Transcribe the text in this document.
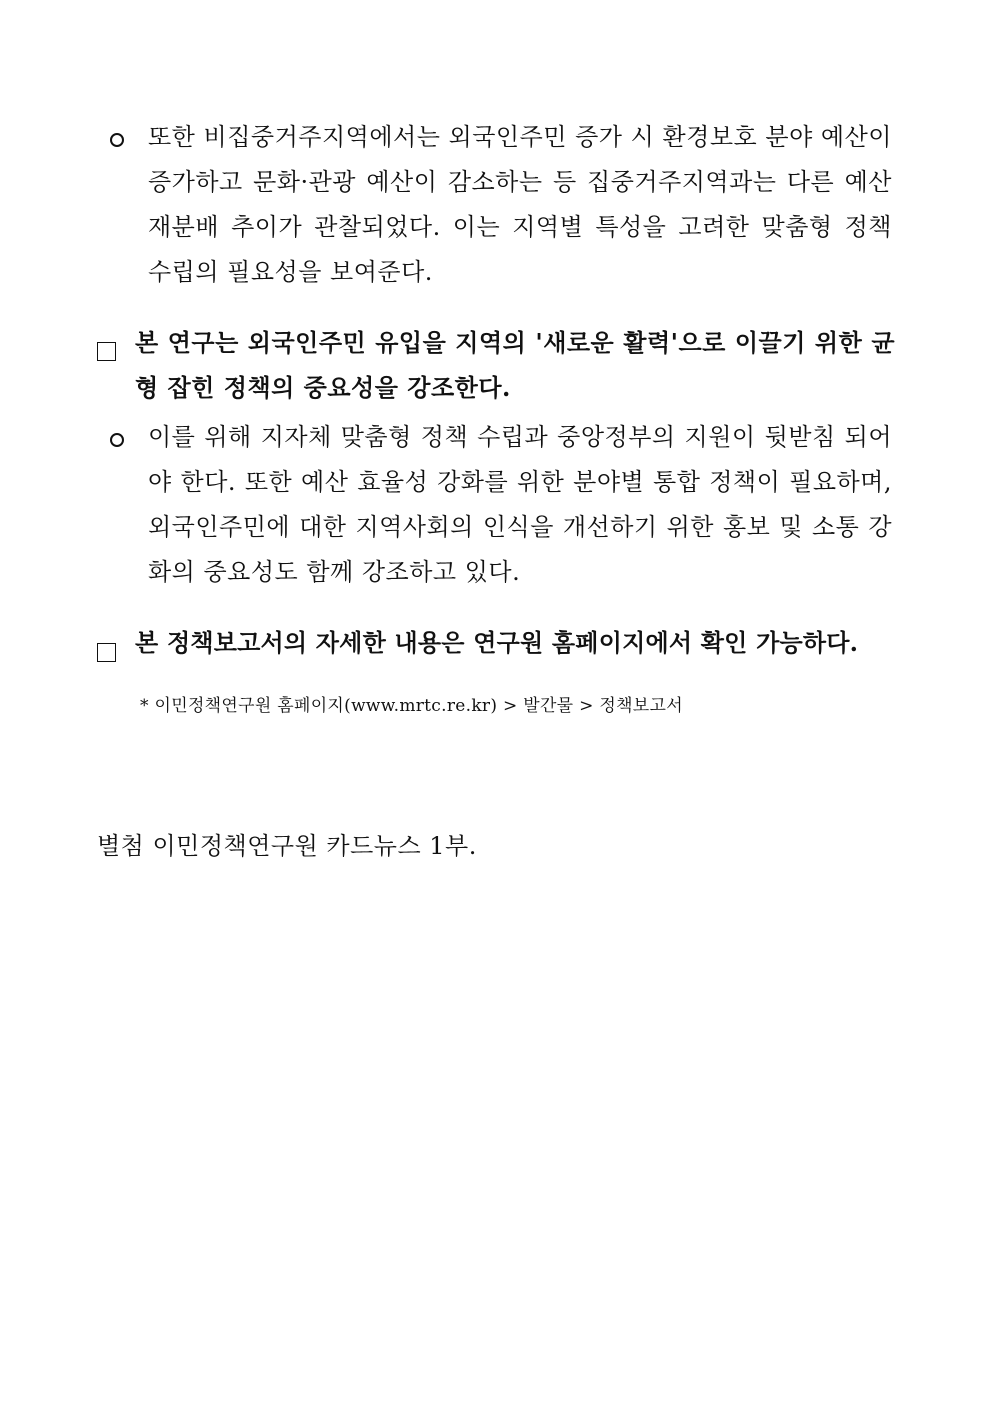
또한 비집중거주지역에서는 외국인주민 증가 시 환경보호 분야 예산이 증가하고 문화·관광 예산이 감소하는 등 집중거주지역과는 다른 예산 재분배 추이가 관찰되었다. 이는 지역별 특성을 고려한 맞춤형 정책 수립의 필요성을 보여준다.

본 연구는 외국인주민 유입을 지역의 '새로운 활력'으로 이끌기 위한 균형 잡힌 정책의 중요성을 강조한다.

이를 위해 지자체 맞춤형 정책 수립과 중앙정부의 지원이 뒷받침 되어야 한다. 또한 예산 효율성 강화를 위한 분야별 통합 정책이 필요하며, 외국인주민에 대한 지역사회의 인식을 개선하기 위한 홍보 및 소통 강화의 중요성도 함께 강조하고 있다.

본 정책보고서의 자세한 내용은 연구원 홈페이지에서 확인 가능하다.

* 이민정책연구원 홈페이지(www.mrtc.re.kr) > 발간물 > 정책보고서
별첨 이민정책연구원 카드뉴스 1부.
